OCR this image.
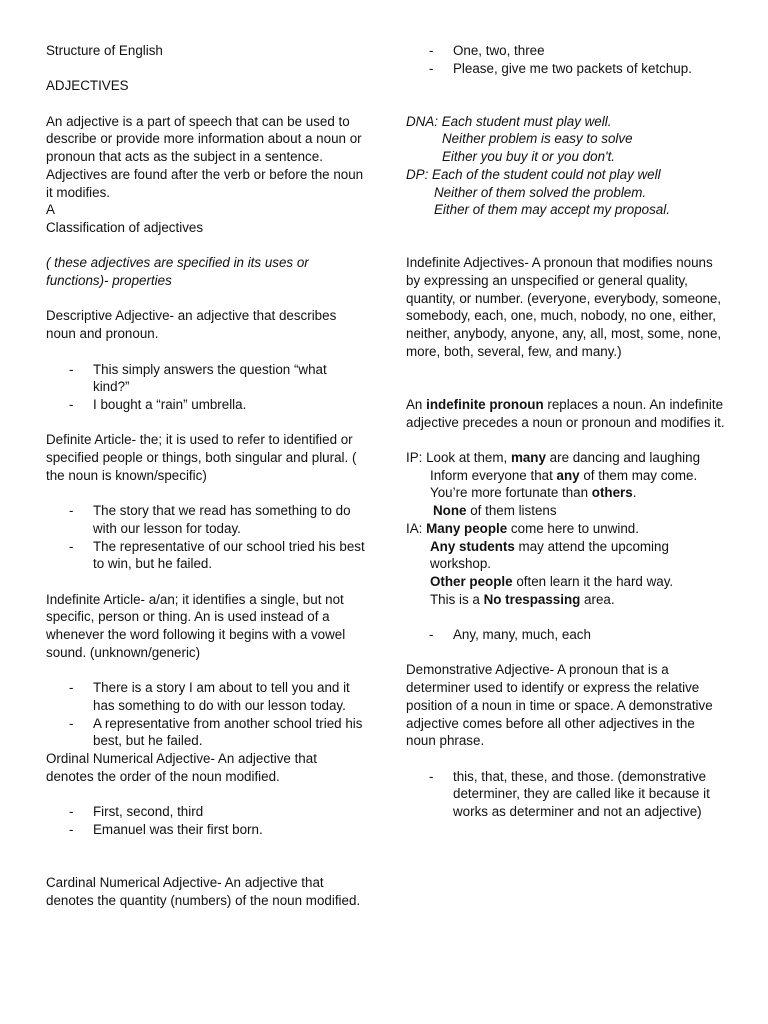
Structure of English

ADJECTIVES

An adjective is a part of speech that can be used to describe or provide more information about a noun or pronoun that acts as the subject in a sentence. Adjectives are found after the verb or before the noun it modifies.

A

Classification of adjectives

( these adjectives are specified in its uses or functions)- properties

Descriptive Adjective- an adjective that describes noun and pronoun.

- This simply answers the question “what kind?”
- I bought a “rain” umbrella.

Definite Article- the; it is used to refer to identified or specified people or things, both singular and plural. ( the noun is known/specific)

- The story that we read has something to do with our lesson for today.
- The representative of our school tried his best to win, but he failed.

Indefinite Article- a/an; it identifies a single, but not specific, person or thing. An is used instead of a whenever the word following it begins with a vowel sound. (unknown/generic)

- There is a story I am about to tell you and it has something to do with our lesson today.
- A representative from another school tried his best, but he failed.

Ordinal Numerical Adjective- An adjective that denotes the order of the noun modified.

- First, second, third
- Emanuel was their first born.

Cardinal Numerical Adjective- An adjective that denotes the quantity (numbers) of the noun modified.

- One, two, three
- Please, give me two packets of ketchup.

DNA: Each student must play well.

Neither problem is easy to solve

Either you buy it or you don't.

DP: Each of the student could not play well

Neither of them solved the problem.

Either of them may accept my proposal.

Indefinite Adjectives- A pronoun that modifies nouns by expressing an unspecified or general quality, quantity, or number. (everyone, everybody, someone, somebody, each, one, much, nobody, no one, either, neither, anybody, anyone, any, all, most, some, none, more, both, several, few, and many.)

An indefinite pronoun replaces a noun. An indefinite adjective precedes a noun or pronoun and modifies it.

IP: Look at them, many are dancing and laughing

Inform everyone that any of them may come.

You’re more fortunate than others.

None of them listens

IA: Many people come here to unwind.

Any students may attend the upcoming workshop.

Other people often learn it the hard way.

This is a No trespassing area.

- Any, many, much, each

Demonstrative Adjective- A pronoun that is a determiner used to identify or express the relative position of a noun in time or space. A demonstrative adjective comes before all other adjectives in the noun phrase.

- this, that, these, and those. (demonstrative determiner, they are called like it because it works as determiner and not an adjective)
